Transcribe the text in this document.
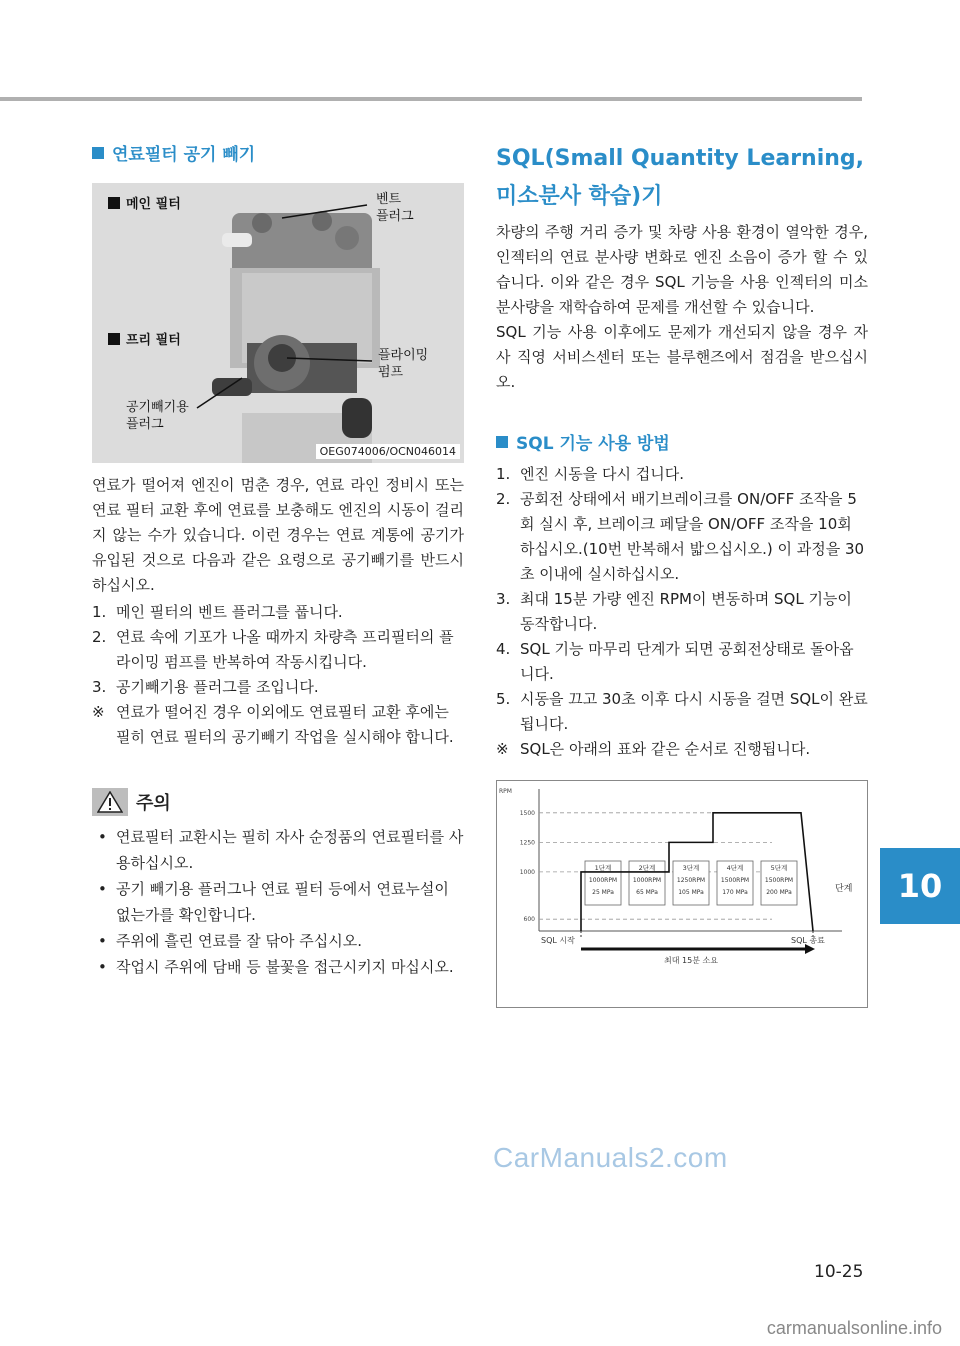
연료필터 공기 빼기
메인 필터	벤트
플러그
프리 필터
플라이밍
펌프
공기빼기용
플러그
OEG074006/OCN046014
연료가 떨어져 엔진이 멈춘 경우, 연료 라인 정비시 또는 연료 필터 교환 후에 연료를 보충해도 엔진의 시동이 걸리지 않는 수가 있습니다. 이런 경우는 연료 계통에 공기가 유입된 것으로 다음과 같은 요령으로 공기빼기를 반드시 하십시오.
1. 메인 필터의 벤트 플러그를 풉니다.
2. 연료 속에 기포가 나올 때까지 차량측 프리필터의 플라이밍 펌프를 반복하여 작동시킵니다.
3. 공기빼기용 플러그를 조입니다.
※ 연료가 떨어진 경우 이외에도 연료필터 교환 후에는 필히 연료 필터의 공기빼기 작업을 실시해야 합니다.
주의
• 연료필터 교환시는 필히 자사 순정품의 연료필터를 사용하십시오.
• 공기 빼기용 플러그나 연료 필터 등에서 연료누설이 없는가를 확인합니다.
• 주위에 흘린 연료를 잘 닦아 주십시오.
• 작업시 주위에 담배 등 불꽃을 접근시키지 마십시오.
SQL(Small Quantity Learning,
미소분사 학습)기
차량의 주행 거리 증가 및 차량 사용 환경이 열악한 경우, 인젝터의 연료 분사량 변화로 엔진 소음이 증가 할 수 있습니다. 이와 같은 경우 SQL 기능을 사용 인젝터의 미소 분사량을 재학습하여 문제를 개선할 수 있습니다.
SQL 기능 사용 이후에도 문제가 개선되지 않을 경우 자사 직영 서비스센터 또는 블루핸즈에서 점검을 받으십시오.
SQL 기능 사용 방법
1. 엔진 시동을 다시 겁니다.
2. 공회전 상태에서 배기브레이크를 ON/OFF 조작을 5회 실시 후, 브레이크 페달을 ON/OFF 조작을 10회 하십시오.(10번 반복해서 밟으십시오.) 이 과정을 30초 이내에 실시하십시오.
3. 최대 15분 가량 엔진 RPM이 변동하며 SQL 기능이 동작합니다.
4. SQL 기능 마무리 단계가 되면 공회전상태로 돌아옵니다.
5. 시동을 끄고 30초 이후 다시 시동을 걸면 SQL이 완료됩니다.
※ SQL은 아래의 표와 같은 순서로 진행됩니다.
RPM
단계
600
1000
1250
1500
1단계
1000RPM
25 MPa
2단계
1000RPM
65 MPa
3단계
1250RPM
105 MPa
4단계
1500RPM
170 MPa
5단계
1500RPM
200 MPa
SQL 시작	SQL 종료
최대 15분 소요
10
CarManuals2.com
10-25
carmanualsonline.info
